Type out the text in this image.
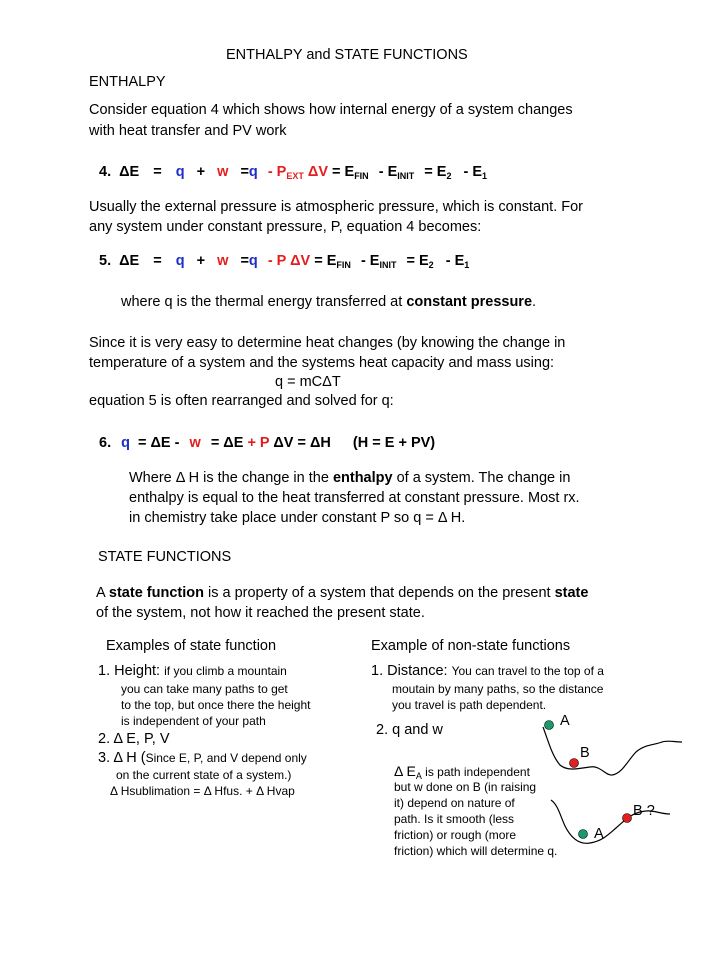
ENTHALPY and STATE FUNCTIONS

ENTHALPY

Consider equation 4 which shows how internal energy of a system changes

with heat transfer and PV work

4. $\Delta E = q + w =q - P_{EXT}$ $\Delta V = E_{FIN} - E_{INIT} = E_2 - E_1$

Usually the external pressure is atmospheric pressure, which is constant. For

any system under constant pressure, P, equation 4 becomes:

5. ΔE = q + w =q - P $\Delta V = E_{FIN} - E_{INIT} = E_2 - E_1$

where q is the thermal energy transferred at constant pressure.

Since it is very easy to determine heat changes (by knowing the change in

temperature of a system and the systems heat capacity and mass using:

q = mCΔT

equation 5 is often rearranged and solved for q:

6. q = ΔE - w = ΔE + P ΔV = ΔH (H = E + PV)

Where Δ H is the change in the enthalpy of a system. The change in

enthalpy is equal to the heat transferred at constant pressure. Most rx.

in chemistry take place under constant P so q = Δ H.

STATE FUNCTIONS

A state function is a property of a system that depends on the present state

of the system, not how it reached the present state.

Examples of state function

1. Height: if you climb a mountain

you can take many paths to get

to the top, but once there the height

is independent of your path

2. Δ E, P, V

3. Δ H (Since E, P, and V depend only

on the current state of a system.)

Δ Hsublimation = Δ Hfus. + Δ Hvap

Example of non-state functions

1. Distance: You can travel to the top of a

moutain by many paths, so the distance

you travel is path dependent.

2. q and w

Δ $E_A$ is path independent

but w done on B (in raising

it) depend on nature of

path. Is it smooth (less

friction) or rough (more

friction) which will determine q.

A

B

B ?

A
